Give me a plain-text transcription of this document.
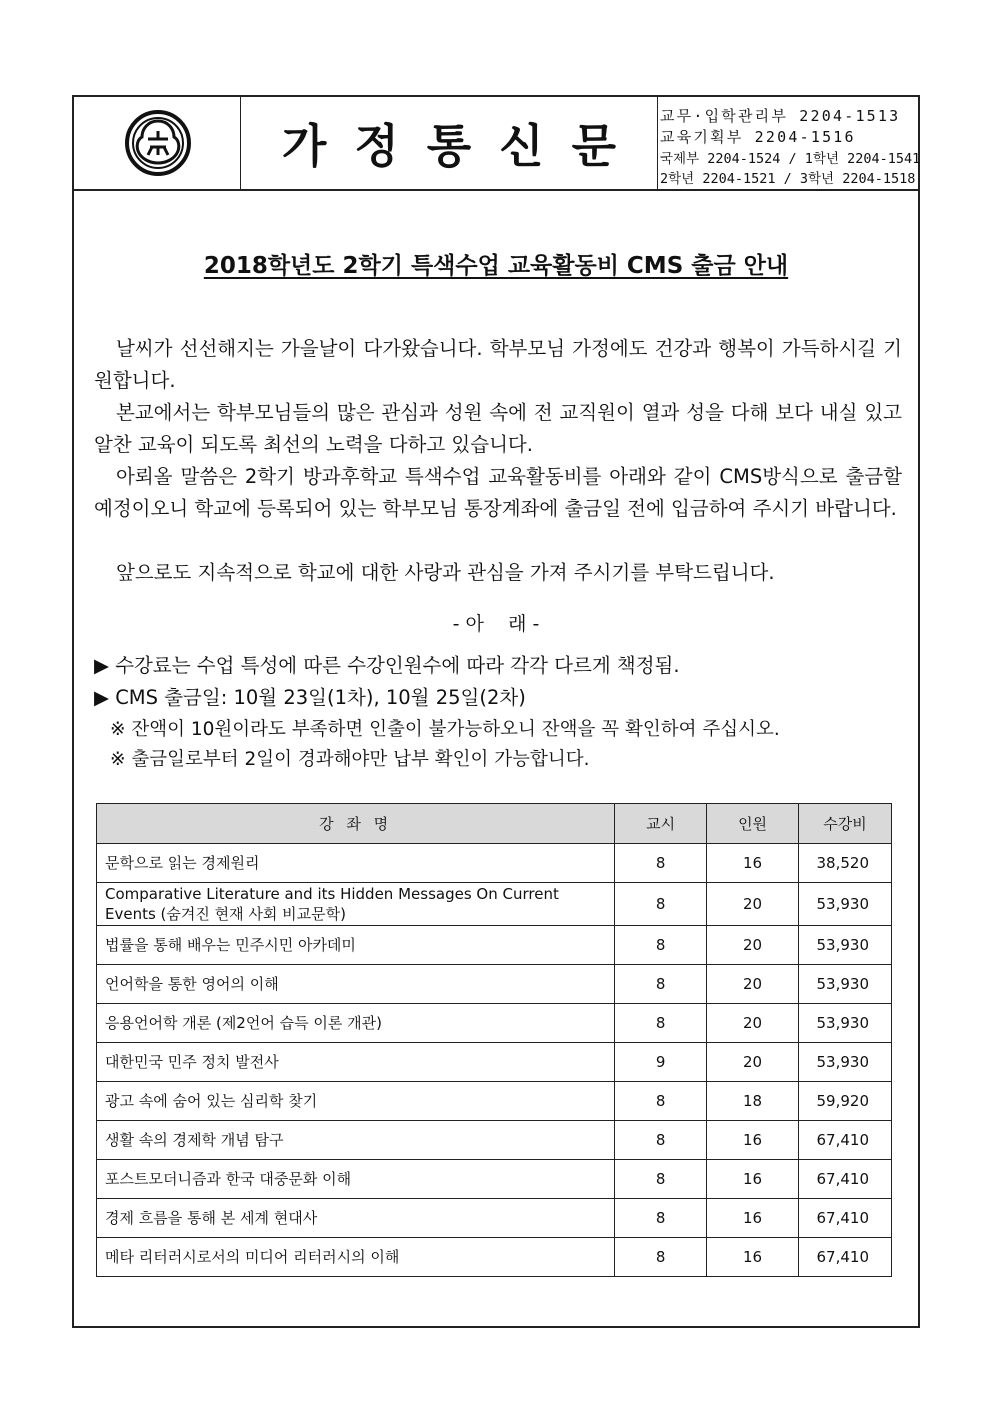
가정통신문
교무·입학관리부 2204-1513
교육기획부 2204-1516
국제부 2204-1524 / 1학년 2204-1541
2학년 2204-1521 / 3학년 2204-1518
2018학년도 2학기 특색수업 교육활동비 CMS 출금 안내

날씨가 선선해지는 가을날이 다가왔습니다. 학부모님 가정에도 건강과 행복이 가득하시길 기원합니다.

본교에서는 학부모님들의 많은 관심과 성원 속에 전 교직원이 열과 성을 다해 보다 내실 있고 알찬 교육이 되도록 최선의 노력을 다하고 있습니다.

아뢰올 말씀은 2학기 방과후학교 특색수업 교육활동비를 아래와 같이 CMS방식으로 출금할 예정이오니 학교에 등록되어 있는 학부모님 통장계좌에 출금일 전에 입금하여 주시기 바랍니다.

앞으로도 지속적으로 학교에 대한 사랑과 관심을 가져 주시기를 부탁드립니다.

- 아    래 -
▶ 수강료는 수업 특성에 따른 수강인원수에 따라 각각 다르게 책정됨.
▶ CMS 출금일: 10월 23일(1차), 10월 25일(2차)
※ 잔액이 10원이라도 부족하면 인출이 불가능하오니 잔액을 꼭 확인하여 주십시오.
※ 출금일로부터 2일이 경과해야만 납부 확인이 가능합니다.
강 좌 명	교시	인원	수강비
문학으로 읽는 경제원리	8	16	38,520
Comparative Literature and its Hidden Messages On Current Events (숨겨진 현재 사회 비교문학)	8	20	53,930
법률을 통해 배우는 민주시민 아카데미	8	20	53,930
언어학을 통한 영어의 이해	8	20	53,930
응용언어학 개론 (제2언어 습득 이론 개관)	8	20	53,930
대한민국 민주 정치 발전사	9	20	53,930
광고 속에 숨어 있는 심리학 찾기	8	18	59,920
생활 속의 경제학 개념 탐구	8	16	67,410
포스트모더니즘과 한국 대중문화 이해	8	16	67,410
경제 흐름을 통해 본 세계 현대사	8	16	67,410
메타 리터러시로서의 미디어 리터러시의 이해	8	16	67,410
